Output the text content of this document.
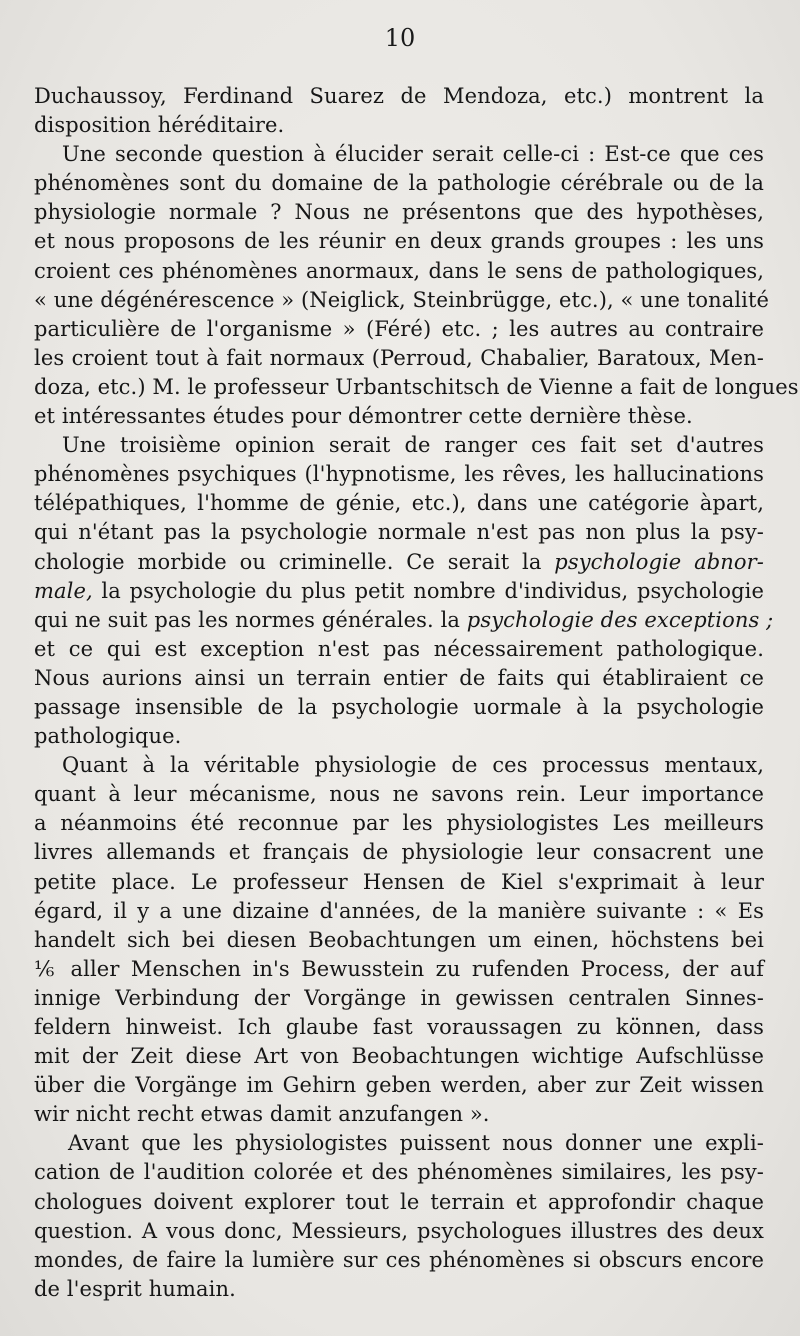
10
Duchaussoy, Ferdinand Suarez de Mendoza, etc.) montrent la
disposition héréditaire.
Une seconde question à élucider serait celle-ci : Est-ce que ces
phénomènes sont du domaine de la pathologie cérébrale ou de la
physiologie normale ? Nous ne présentons que des hypothèses,
et nous proposons de les réunir en deux grands groupes : les uns
croient ces phénomènes anormaux, dans le sens de pathologiques,
« une dégénérescence » (Neiglick, Steinbrügge, etc.), « une tonalité
particulière de l'organisme » (Féré) etc. ; les autres au contraire
les croient tout à fait normaux (Perroud, Chabalier, Baratoux, Men-
doza, etc.) M. le professeur Urbantschitsch de Vienne a fait de longues
et intéressantes études pour démontrer cette dernière thèse.
Une troisième opinion serait de ranger ces fait set d'autres
phénomènes psychiques (l'hypnotisme, les rêves, les hallucinations
télépathiques, l'homme de génie, etc.), dans une catégorie àpart,
qui n'étant pas la psychologie normale n'est pas non plus la psy-
chologie morbide ou criminelle. Ce serait la psychologie abnor-
male, la psychologie du plus petit nombre d'individus, psychologie
qui ne suit pas les normes générales. la psychologie des exceptions ;
et ce qui est exception n'est pas nécessairement pathologique.
Nous aurions ainsi un terrain entier de faits qui établiraient ce
passage insensible de la psychologie uormale à la psychologie
pathologique.
Quant à la véritable physiologie de ces processus mentaux,
quant à leur mécanisme, nous ne savons rein. Leur importance
a néanmoins été reconnue par les physiologistes Les meilleurs
livres allemands et français de physiologie leur consacrent une
petite place. Le professeur Hensen de Kiel s'exprimait à leur
égard, il y a une dizaine d'années, de la manière suivante : « Es
handelt sich bei diesen Beobachtungen um einen, höchstens bei
⅙ aller Menschen in's Bewusstein zu rufenden Process, der auf
innige Verbindung der Vorgänge in gewissen centralen Sinnes-
feldern hinweist. Ich glaube fast voraussagen zu können, dass
mit der Zeit diese Art von Beobachtungen wichtige Aufschlüsse
über die Vorgänge im Gehirn geben werden, aber zur Zeit wissen
wir nicht recht etwas damit anzufangen ».
Avant que les physiologistes puissent nous donner une expli-
cation de l'audition colorée et des phénomènes similaires, les psy-
chologues doivent explorer tout le terrain et approfondir chaque
question. A vous donc, Messieurs, psychologues illustres des deux
mondes, de faire la lumière sur ces phénomènes si obscurs encore
de l'esprit humain.
